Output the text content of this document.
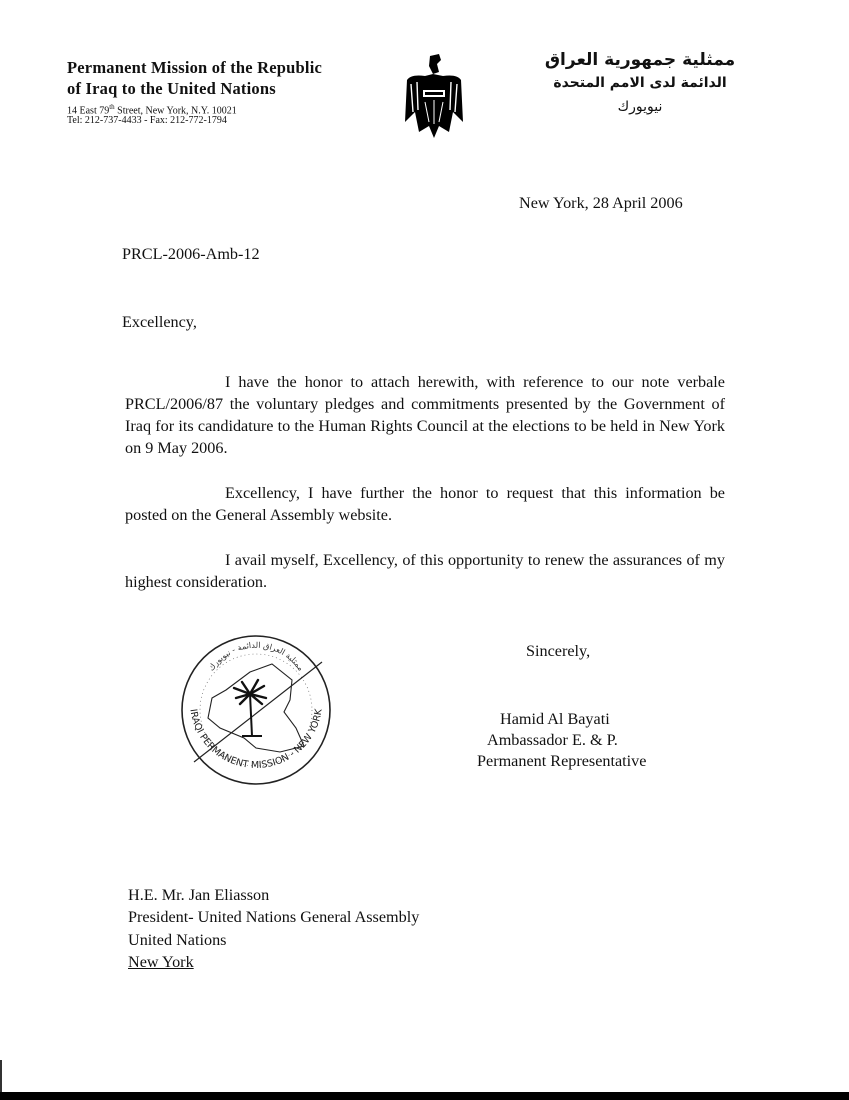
Permanent Mission of the Republic
of Iraq to the United Nations
14 East 79th Street, New York, N.Y. 10021
Tel: 212-737-4433 - Fax: 212-772-1794
ممثلية جمهورية العراق
الدائمة لدى الامم المتحدة
نيويورك
New York, 28 April 2006
PRCL-2006-Amb-12
Excellency,
I have the honor to attach herewith, with reference to our note verbale PRCL/2006/87 the voluntary pledges and commitments presented by the Government of Iraq for its candidature to the Human Rights Council at the elections to be held in New York on 9 May 2006.
Excellency, I have further the honor to request that this information be posted on the General Assembly website.
I avail myself, Excellency, of this opportunity to renew the assurances of my highest consideration.
IRAQI PERMANENT MISSION - NEW YORK
ممثلية العراق الدائمة - نيويورك
Sincerely,
Hamid Al Bayati
Ambassador E. & P.
Permanent Representative
H.E. Mr. Jan Eliasson
President- United Nations General Assembly
United Nations
New York
